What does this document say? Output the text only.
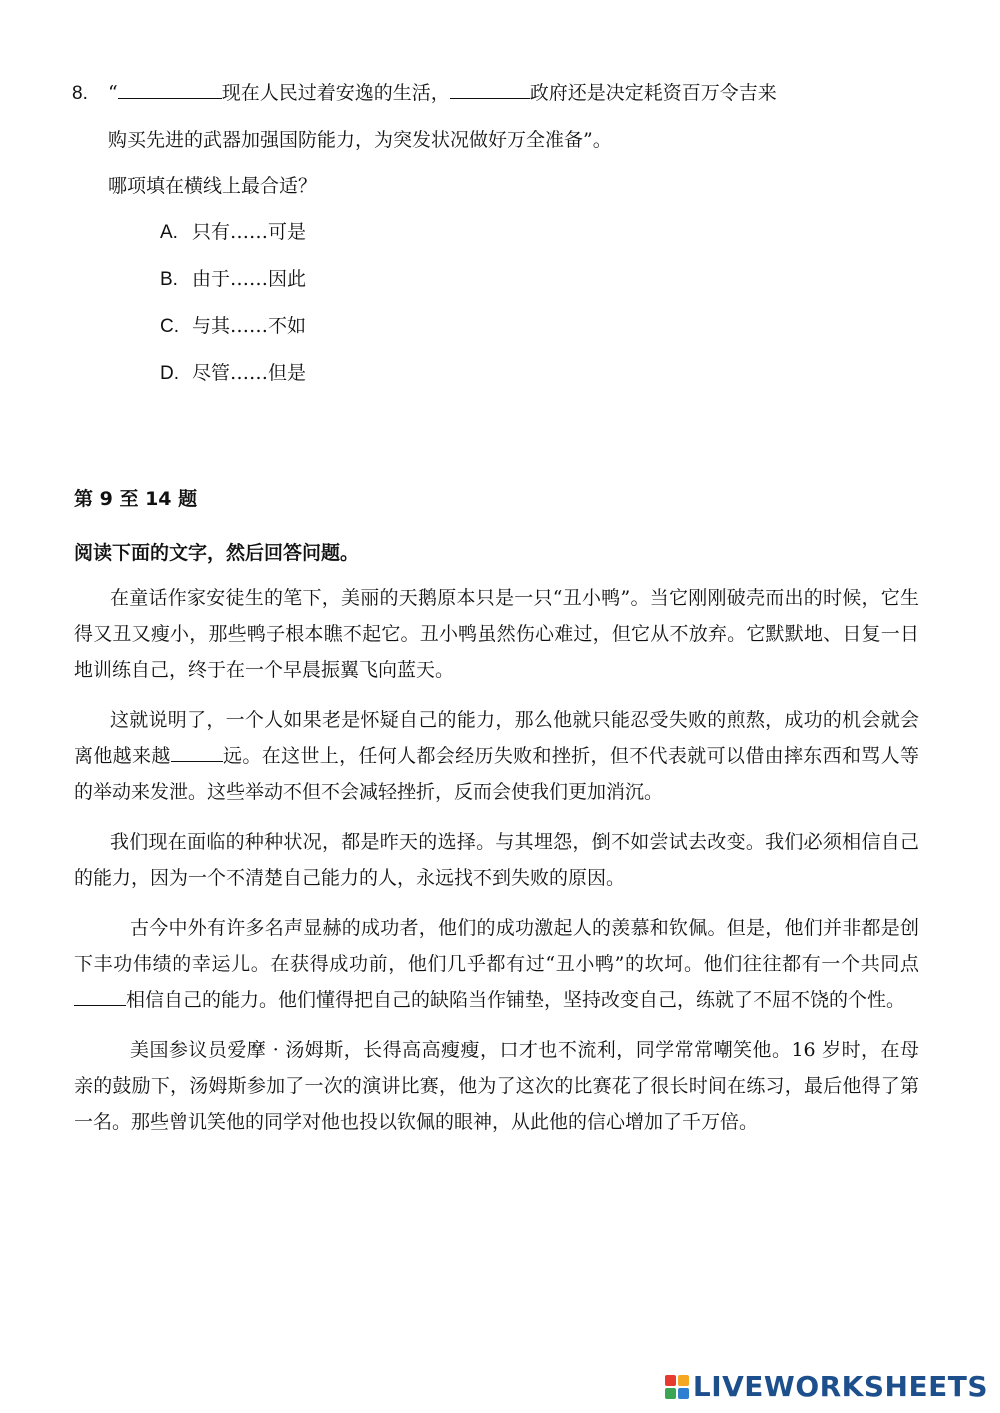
8. “	现在人民过着安逸的生活，	政府还是决定耗资百万令吉来
购买先进的武器加强国防能力，为突发状况做好万全准备”。
哪项填在横线上最合适？
A. 只有……可是
B. 由于……因此
C. 与其……不如
D. 尽管……但是
第 9 至 14 题
阅读下面的文字，然后回答问题。

在童话作家安徒生的笔下，美丽的天鹅原本只是一只“丑小鸭”。当它刚刚破壳而出的时候，它生得又丑又瘦小，那些鸭子根本瞧不起它。丑小鸭虽然伤心难过，但它从不放弃。它默默地、日复一日地训练自己，终于在一个早晨振翼飞向蓝天。

这就说明了，一个人如果老是怀疑自己的能力，那么他就只能忍受失败的煎熬，成功的机会就会离他越来越	远。在这世上，任何人都会经历失败和挫折，但不代表就可以借由摔东西和骂人等的举动来发泄。这些举动不但不会减轻挫折，反而会使我们更加消沉。

我们现在面临的种种状况，都是昨天的选择。与其埋怨，倒不如尝试去改变。我们必须相信自己的能力，因为一个不清楚自己能力的人，永远找不到失败的原因。

古今中外有许多名声显赫的成功者，他们的成功激起人的羡慕和钦佩。但是，他们并非都是创下丰功伟绩的幸运儿。在获得成功前，他们几乎都有过“丑小鸭”的坎坷。他们往往都有一个共同点相信自己的能力。他们懂得把自己的缺陷当作铺垫，坚持改变自己，练就了不屈不饶的个性。

美国参议员爱摩 · 汤姆斯，长得高高瘦瘦，口才也不流利，同学常常嘲笑他。16 岁时，在母亲的鼓励下，汤姆斯参加了一次的演讲比赛，他为了这次的比赛花了很长时间在练习，最后他得了第一名。那些曾讥笑他的同学对他也投以钦佩的眼神，从此他的信心增加了千万倍。

LIVEWORKSHEETS
